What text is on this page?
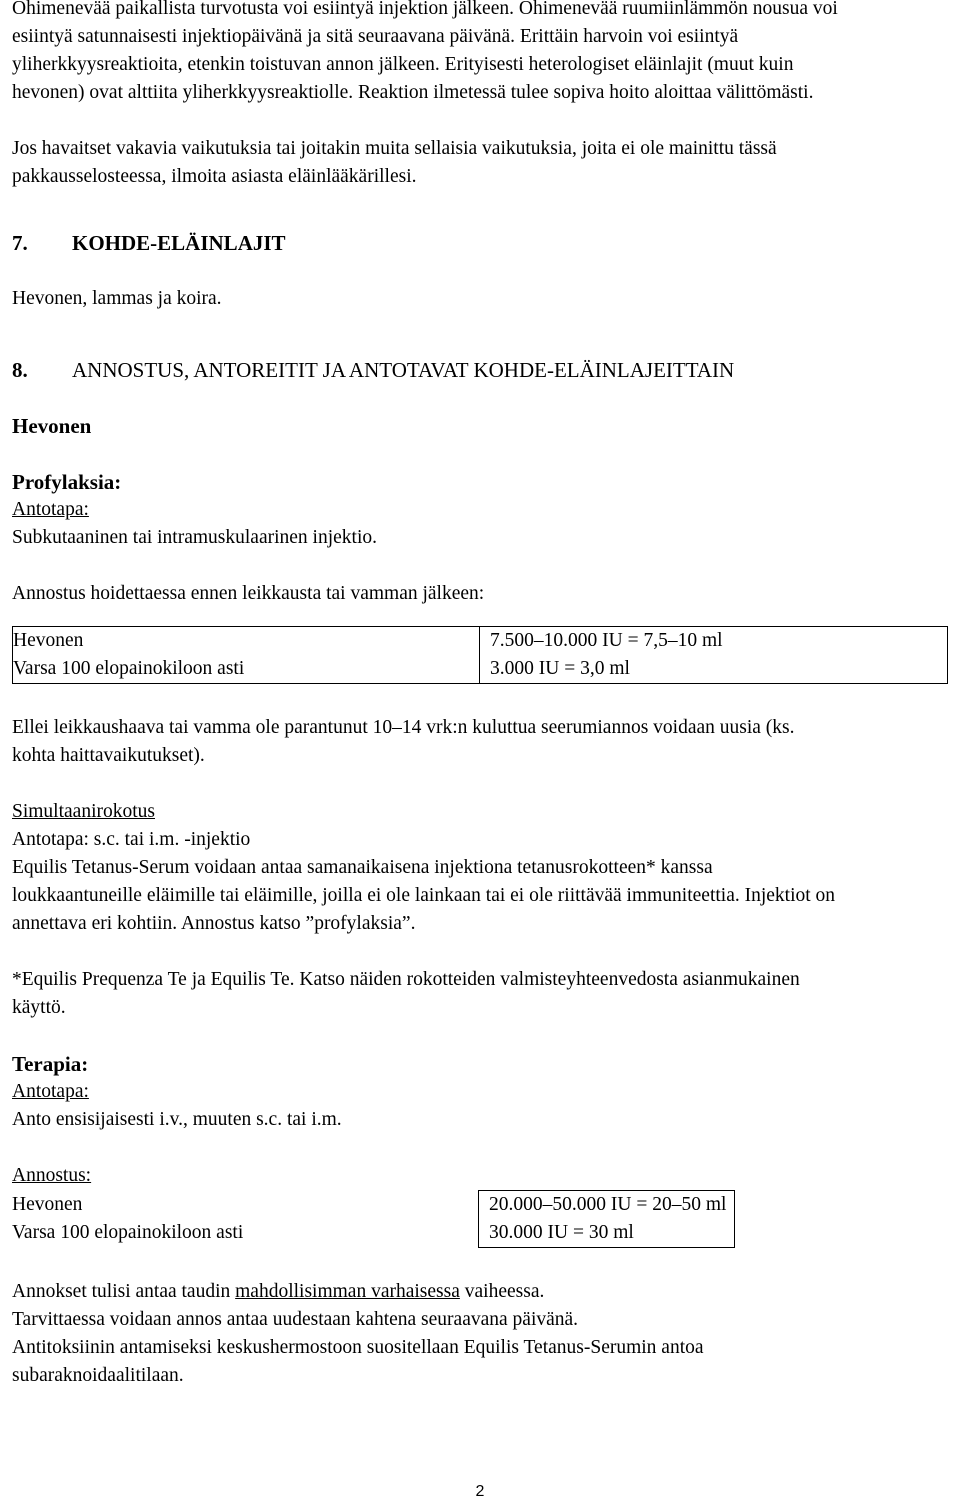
Ohimenevää paikallista turvotusta voi esiintyä injektion jälkeen. Ohimenevää ruumiinlämmön nousua voi

esiintyä satunnaisesti injektiopäivänä ja sitä seuraavana päivänä. Erittäin harvoin voi esiintyä

yliherkkyysreaktioita, etenkin toistuvan annon jälkeen. Erityisesti heterologiset eläinlajit (muut kuin

hevonen) ovat alttiita yliherkkyysreaktiolle. Reaktion ilmetessä tulee sopiva hoito aloittaa välittömästi.

Jos havaitset vakavia vaikutuksia tai joitakin muita sellaisia vaikutuksia, joita ei ole mainittu tässä

pakkausselosteessa, ilmoita asiasta eläinlääkärillesi.

7. KOHDE-ELÄINLAJIT

Hevonen, lammas ja koira.

8. ANNOSTUS, ANTOREITIT JA ANTOTAVAT KOHDE-ELÄINLAJEITTAIN

Hevonen

Profylaksia:

Antotapa:

Subkutaaninen tai intramuskulaarinen injektio.

Annostus hoidettaessa ennen leikkausta tai vamman jälkeen:

Hevonen	7.500–10.000 IU = 7,5–10 ml
Varsa 100 elopainokiloon asti	3.000 IU = 3,0 ml

Ellei leikkaushaava tai vamma ole parantunut 10–14 vrk:n kuluttua seerumiannos voidaan uusia (ks.

kohta haittavaikutukset).

Simultaanirokotus

Antotapa: s.c. tai i.m. -injektio

Equilis Tetanus-Serum voidaan antaa samanaikaisena injektiona tetanusrokotteen* kanssa

loukkaantuneille eläimille tai eläimille, joilla ei ole lainkaan tai ei ole riittävää immuniteettia. Injektiot on

annettava eri kohtiin. Annostus katso ”profylaksia”.

*Equilis Prequenza Te ja Equilis Te. Katso näiden rokotteiden valmisteyhteenvedosta asianmukainen

käyttö.

Terapia:

Antotapa:

Anto ensisijaisesti i.v., muuten s.c. tai i.m.

Annostus:

Hevonen	20.000–50.000 IU = 20–50 ml	
Varsa 100 elopainokiloon asti	30.000 IU = 30 ml	

Annokset tulisi antaa taudin mahdollisimman varhaisessa vaiheessa.

Tarvittaessa voidaan annos antaa uudestaan kahtena seuraavana päivänä.

Antitoksiinin antamiseksi keskushermostoon suositellaan Equilis Tetanus-Serumin antoa

subaraknoidaalitilaan.

2
